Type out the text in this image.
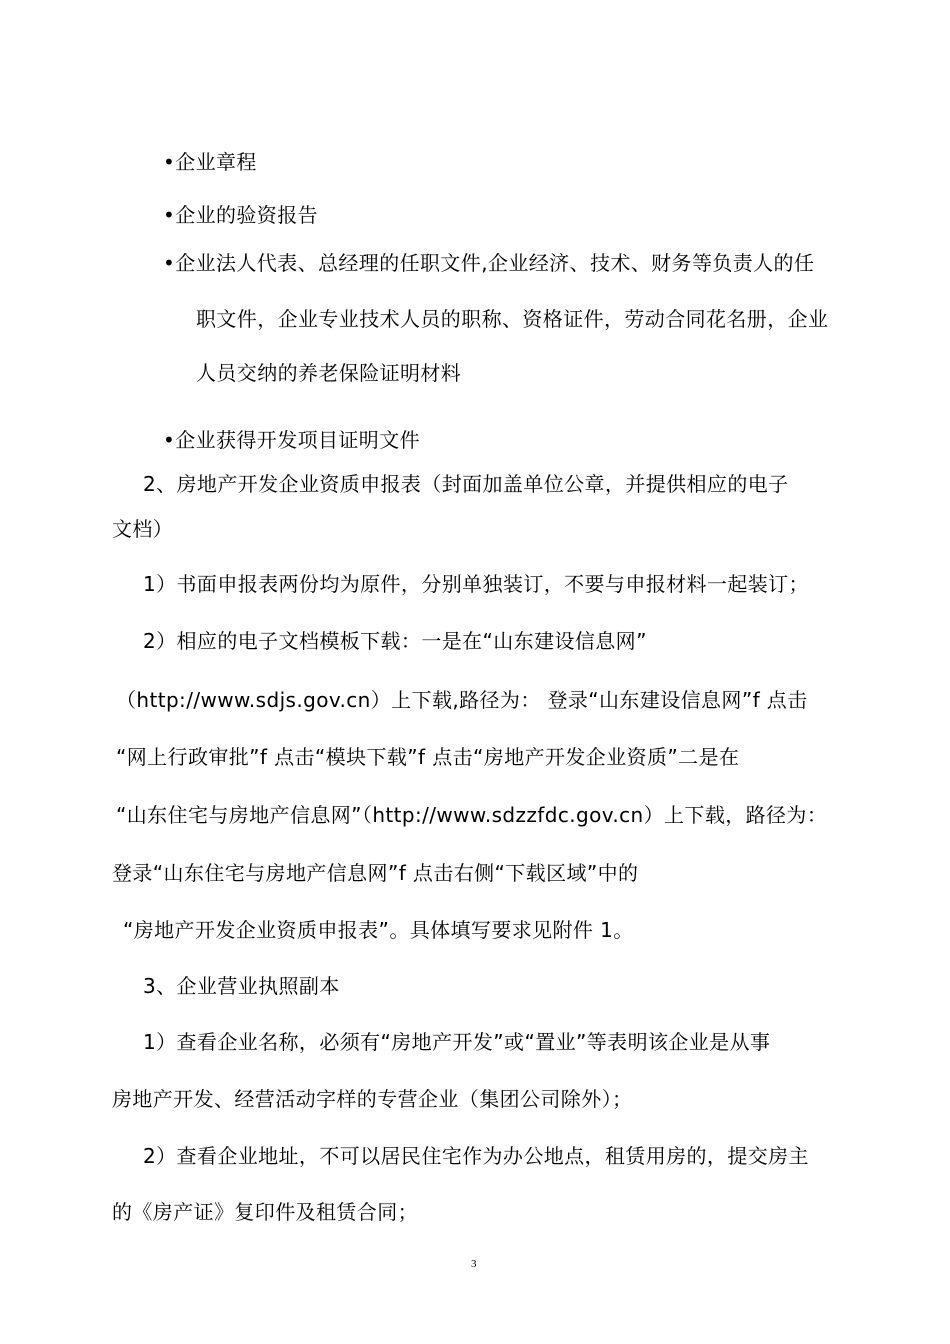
•企业章程
•企业的验资报告
•企业法人代表、总经理的任职文件,企业经济、技术、财务等负责人的任
职文件，企业专业技术人员的职称、资格证件，劳动合同花名册，企业
人员交纳的养老保险证明材料
•企业获得开发项目证明文件
2、房地产开发企业资质申报表（封面加盖单位公章，并提供相应的电子
文档）
1）书面申报表两份均为原件，分别单独装订，不要与申报材料一起装订；
2）相应的电子文档模板下载：一是在“山东建设信息网”
（http://www.sdjs.gov.cn）上下载,路径为： 登录“山东建设信息网”f 点击
“网上行政审批”f 点击“模块下载”f 点击“房地产开发企业资质”二是在
“山东住宅与房地产信息网”（http://www.sdzzfdc.gov.cn）上下载，路径为：
登录“山东住宅与房地产信息网”f 点击右侧“下载区域”中的
“房地产开发企业资质申报表”。具体填写要求见附件 1。
3、企业营业执照副本
1）查看企业名称，必须有“房地产开发”或“置业”等表明该企业是从事
房地产开发、经营活动字样的专营企业（集团公司除外）；
2）查看企业地址，不可以居民住宅作为办公地点，租赁用房的，提交房主
的《房产证》复印件及租赁合同；
3
